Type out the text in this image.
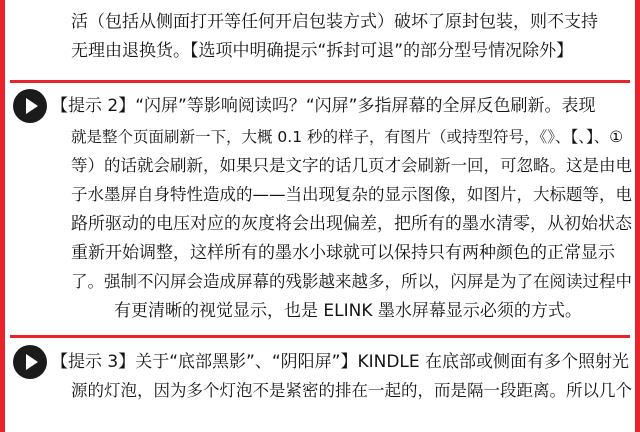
活（包括从侧面打开等任何开启包装方式）破坏了原封包装，则不支持
无理由退换货。【选项中明确提示“拆封可退”的部分型号情况除外】
【提示 2】“闪屏”等影响阅读吗？“闪屏”多指屏幕的全屏反色刷新。表现
就是整个页面刷新一下，大概 0.1 秒的样子，有图片（或持型符号，《》、【、】、①
等）的话就会刷新，如果只是文字的话几页才会刷新一回，可忽略。这是由电
子水墨屏自身特性造成的——当出现复杂的显示图像，如图片，大标题等，电
路所驱动的电压对应的灰度将会出现偏差，把所有的墨水清零，从初始状态
重新开始调整，这样所有的墨水小球就可以保持只有两种颜色的正常显示
了。强制不闪屏会造成屏幕的残影越来越多，所以，闪屏是为了在阅读过程中
有更清晰的视觉显示，也是 ELINK 墨水屏幕显示必须的方式。
【提示 3】关于“底部黑影”、“阴阳屏”】KINDLE 在底部或侧面有多个照射光
源的灯泡，因为多个灯泡不是紧密的排在一起的，而是隔一段距离。所以几个
